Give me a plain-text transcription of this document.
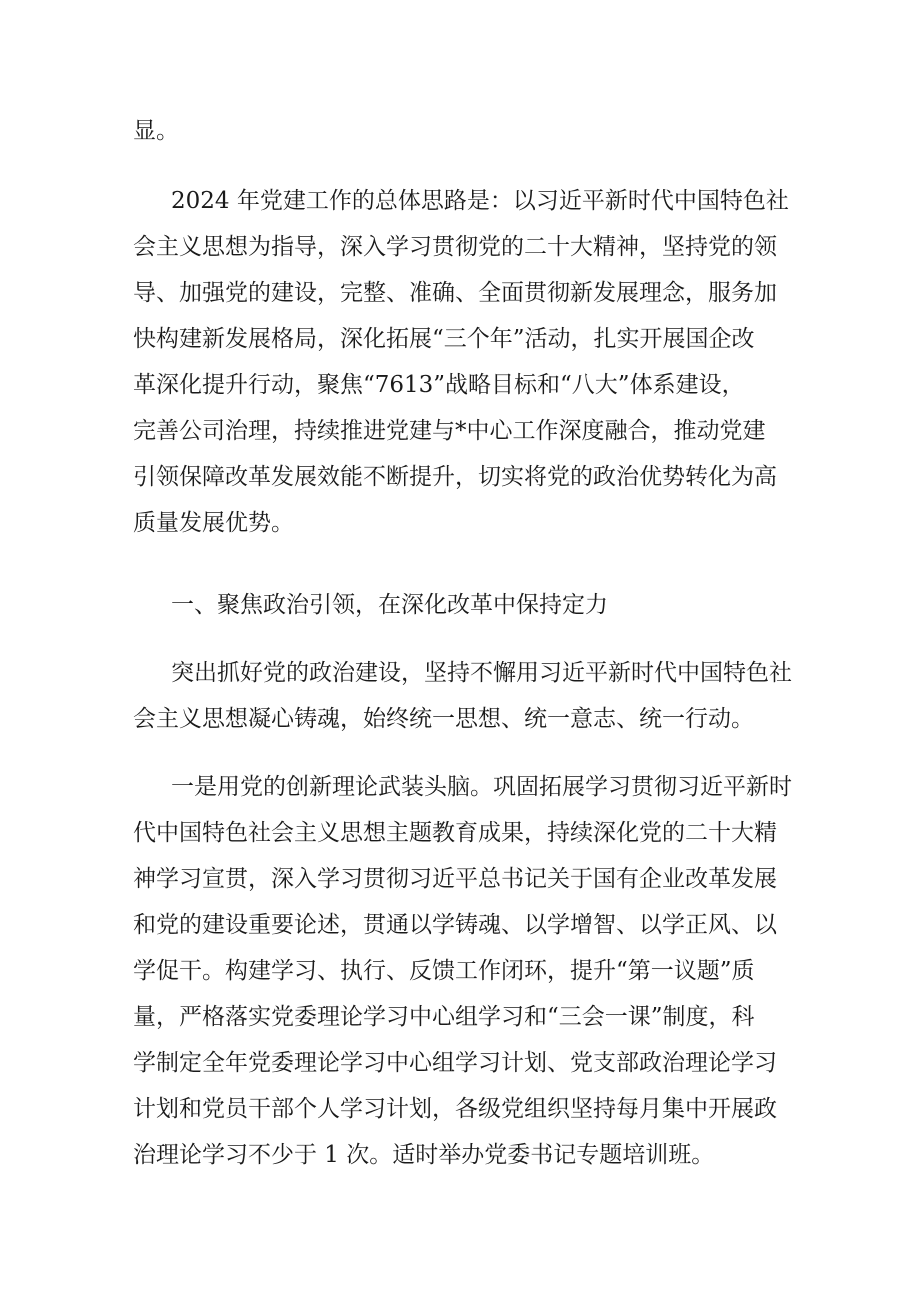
显。

2024 年党建工作的总体思路是：以习近平新时代中国特色社
会主义思想为指导，深入学习贯彻党的二十大精神，坚持党的领
导、加强党的建设，完整、准确、全面贯彻新发展理念，服务加
快构建新发展格局，深化拓展“三个年”活动，扎实开展国企改
革深化提升行动，聚焦“7613”战略目标和“八大”体系建设，
完善公司治理，持续推进党建与*中心工作深度融合，推动党建
引领保障改革发展效能不断提升，切实将党的政治优势转化为高
质量发展优势。

一、聚焦政治引领，在深化改革中保持定力

突出抓好党的政治建设，坚持不懈用习近平新时代中国特色社
会主义思想凝心铸魂，始终统一思想、统一意志、统一行动。

一是用党的创新理论武装头脑。巩固拓展学习贯彻习近平新时
代中国特色社会主义思想主题教育成果，持续深化党的二十大精
神学习宣贯，深入学习贯彻习近平总书记关于国有企业改革发展
和党的建设重要论述，贯通以学铸魂、以学增智、以学正风、以
学促干。构建学习、执行、反馈工作闭环，提升“第一议题”质
量，严格落实党委理论学习中心组学习和“三会一课”制度，科
学制定全年党委理论学习中心组学习计划、党支部政治理论学习
计划和党员干部个人学习计划，各级党组织坚持每月集中开展政
治理论学习不少于 1 次。适时举办党委书记专题培训班。
